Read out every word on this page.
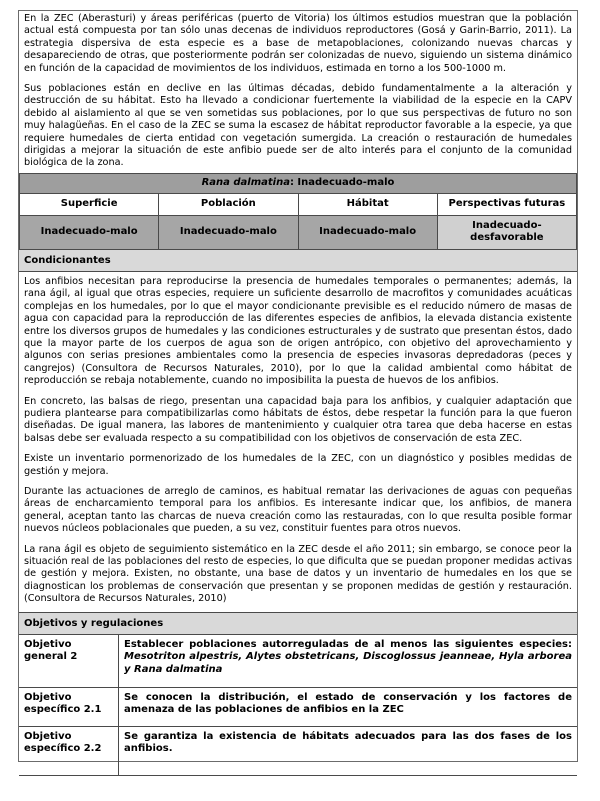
En la ZEC (Aberasturi) y áreas periféricas (puerto de Vitoria) los últimos estudios muestran que la población actual está compuesta por tan sólo unas decenas de individuos reproductores (Gosá y Garin-Barrio, 2011). La estrategia dispersiva de esta especie es a base de metapoblaciones, colonizando nuevas charcas y desapareciendo de otras, que posteriormente podrán ser colonizadas de nuevo, siguiendo un sistema dinámico en función de la capacidad de movimientos de los individuos, estimada en torno a los 500-1000 m.

Sus poblaciones están en declive en las últimas décadas, debido fundamentalmente a la alteración y destrucción de su hábitat. Esto ha llevado a condicionar fuertemente la viabilidad de la especie en la CAPV debido al aislamiento al que se ven sometidas sus poblaciones, por lo que sus perspectivas de futuro no son muy halagüeñas. En el caso de la ZEC se suma la escasez de hábitat reproductor favorable a la especie, ya que requiere humedales de cierta entidad con vegetación sumergida. La creación o restauración de humedales dirigidas a mejorar la situación de este anfibio puede ser de alto interés para el conjunto de la comunidad biológica de la zona.

Rana dalmatina: Inadecuado-malo			
Superficie	Población	Hábitat	Perspectivas futuras
Inadecuado-malo	Inadecuado-malo	Inadecuado-malo	Inadecuado-desfavorable
Condicionantes

Los anfibios necesitan para reproducirse la presencia de humedales temporales o permanentes; además, la rana ágil, al igual que otras especies, requiere un suficiente desarrollo de macrofitos y comunidades acuáticas complejas en los humedales, por lo que el mayor condicionante previsible es el reducido número de masas de agua con capacidad para la reproducción de las diferentes especies de anfibios, la elevada distancia existente entre los diversos grupos de humedales y las condiciones estructurales y de sustrato que presentan éstos, dado que la mayor parte de los cuerpos de agua son de origen antrópico, con objetivo del aprovechamiento y algunos con serias presiones ambientales como la presencia de especies invasoras depredadoras (peces y cangrejos) (Consultora de Recursos Naturales, 2010), por lo que la calidad ambiental como hábitat de reproducción se rebaja notablemente, cuando no imposibilita la puesta de huevos de los anfibios.

En concreto, las balsas de riego, presentan una capacidad baja para los anfibios, y cualquier adaptación que pudiera plantearse para compatibilizarlas como hábitats de éstos, debe respetar la función para la que fueron diseñadas. De igual manera, las labores de mantenimiento y cualquier otra tarea que deba hacerse en estas balsas debe ser evaluada respecto a su compatibilidad con los objetivos de conservación de esta ZEC.

Existe un inventario pormenorizado de los humedales de la ZEC, con un diagnóstico y posibles medidas de gestión y mejora.

Durante las actuaciones de arreglo de caminos, es habitual rematar las derivaciones de aguas con pequeñas áreas de encharcamiento temporal para los anfibios. Es interesante indicar que, los anfibios, de manera general, aceptan tanto las charcas de nueva creación como las restauradas, con lo que resulta posible formar nuevos núcleos poblacionales que pueden, a su vez, constituir fuentes para otros nuevos.

La rana ágil es objeto de seguimiento sistemático en la ZEC desde el año 2011; sin embargo, se conoce peor la situación real de las poblaciones del resto de especies, lo que dificulta que se puedan proponer medidas activas de gestión y mejora. Existen, no obstante, una base de datos y un inventario de humedales en los que se diagnostican los problemas de conservación que presentan y se proponen medidas de gestión y restauración. (Consultora de Recursos Naturales, 2010)

Objetivos y regulaciones
Objetivo general 2	Establecer poblaciones autorreguladas de al menos las siguientes especies: Mesotriton alpestris, Alytes obstetricans, Discoglossus jeanneae, Hyla arborea y Rana dalmatina
Objetivo específico 2.1	Se conocen la distribución, el estado de conservación y los factores de amenaza de las poblaciones de anfibios en la ZEC
Objetivo específico 2.2	Se garantiza la existencia de hábitats adecuados para las dos fases de los anfibios.
